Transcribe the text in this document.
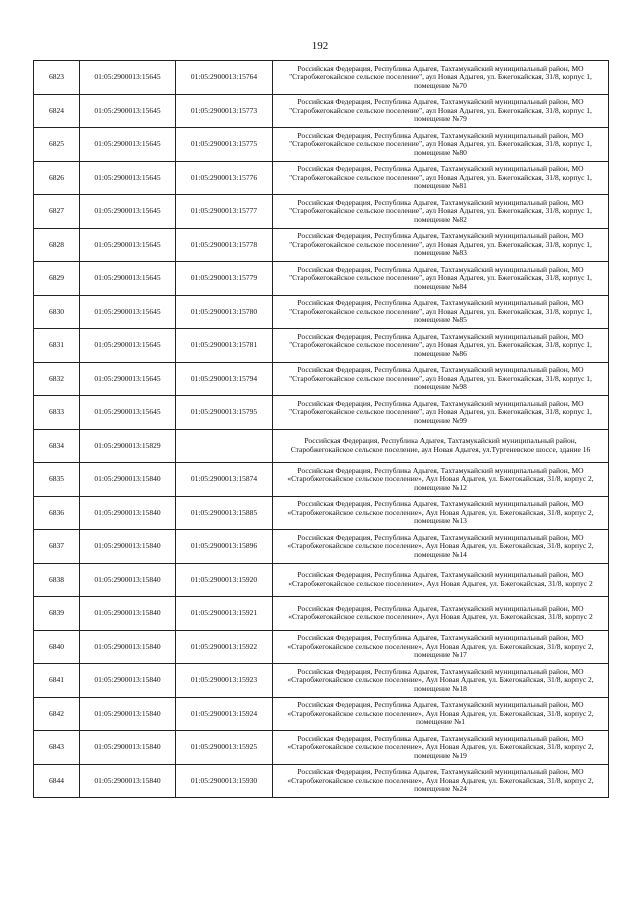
192
6823	01:05:2900013:15645	01:05:2900013:15764	Российская Федерация, Республика Адыгея, Тахтамукайский муниципальный район, МО "Старобжегокайское сельское поселение", аул Новая Адыгея, ул. Бжегокайская, 31/8, корпус 1, помещение №70
6824	01:05:2900013:15645	01:05:2900013:15773	Российская Федерация, Республика Адыгея, Тахтамукайский муниципальный район, МО "Старобжегокайское сельское поселение", аул Новая Адыгея, ул. Бжегокайская, 31/8, корпус 1, помещение №79
6825	01:05:2900013:15645	01:05:2900013:15775	Российская Федерация, Республика Адыгея, Тахтамукайский муниципальный район, МО "Старобжегокайское сельское поселение", аул Новая Адыгея, ул. Бжегокайская, 31/8, корпус 1, помещение №80
6826	01:05:2900013:15645	01:05:2900013:15776	Российская Федерация, Республика Адыгея, Тахтамукайский муниципальный район, МО "Старобжегокайское сельское поселение", аул Новая Адыгея, ул. Бжегокайская, 31/8, корпус 1, помещение №81
6827	01:05:2900013:15645	01:05:2900013:15777	Российская Федерация, Республика Адыгея, Тахтамукайский муниципальный район, МО "Старобжегокайское сельское поселение", аул Новая Адыгея, ул. Бжегокайская, 31/8, корпус 1, помещение №82
6828	01:05:2900013:15645	01:05:2900013:15778	Российская Федерация, Республика Адыгея, Тахтамукайский муниципальный район, МО "Старобжегокайское сельское поселение", аул Новая Адыгея, ул. Бжегокайская, 31/8, корпус 1, помещение №83
6829	01:05:2900013:15645	01:05:2900013:15779	Российская Федерация, Республика Адыгея, Тахтамукайский муниципальный район, МО "Старобжегокайское сельское поселение", аул Новая Адыгея, ул. Бжегокайская, 31/8, корпус 1, помещение №84
6830	01:05:2900013:15645	01:05:2900013:15780	Российская Федерация, Республика Адыгея, Тахтамукайский муниципальный район, МО "Старобжегокайское сельское поселение", аул Новая Адыгея, ул. Бжегокайская, 31/8, корпус 1, помещение №85
6831	01:05:2900013:15645	01:05:2900013:15781	Российская Федерация, Республика Адыгея, Тахтамукайский муниципальный район, МО "Старобжегокайское сельское поселение", аул Новая Адыгея, ул. Бжегокайская, 31/8, корпус 1, помещение №86
6832	01:05:2900013:15645	01:05:2900013:15794	Российская Федерация, Республика Адыгея, Тахтамукайский муниципальный район, МО "Старобжегокайское сельское поселение", аул Новая Адыгея, ул. Бжегокайская, 31/8, корпус 1, помещение №98
6833	01:05:2900013:15645	01:05:2900013:15795	Российская Федерация, Республика Адыгея, Тахтамукайский муниципальный район, МО "Старобжегокайское сельское поселение", аул Новая Адыгея, ул. Бжегокайская, 31/8, корпус 1, помещение №99
6834	01:05:2900013:15829		Российская Федерация, Республика Адыгея, Тахтамукайский муниципальный район, Старобжегокайское сельское поселение, аул Новая Адыгея, ул.Тургеневское шоссе, здание 16
6835	01:05:2900013:15840	01:05:2900013:15874	Российская Федерация, Республика Адыгея, Тахтамукайский муниципальный район, МО «Старобжегокайское сельское поселение», Аул Новая Адыгея, ул. Бжегокайская, 31/8, корпус 2, помещение №12
6836	01:05:2900013:15840	01:05:2900013:15885	Российская Федерация, Республика Адыгея, Тахтамукайский муниципальный район, МО «Старобжегокайское сельское поселение», Аул Новая Адыгея, ул. Бжегокайская, 31/8, корпус 2, помещение №13
6837	01:05:2900013:15840	01:05:2900013:15896	Российская Федерация, Республика Адыгея, Тахтамукайский муниципальный район, МО «Старобжегокайское сельское поселение», Аул Новая Адыгея, ул. Бжегокайская, 31/8, корпус 2, помещение №14
6838	01:05:2900013:15840	01:05:2900013:15920	Российская Федерация, Республика Адыгея, Тахтамукайский муниципальный район, МО «Старобжегокайское сельское поселение», Аул Новая Адыгея, ул. Бжегокайская, 31/8, корпус 2
6839	01:05:2900013:15840	01:05:2900013:15921	Российская Федерация, Республика Адыгея, Тахтамукайский муниципальный район, МО «Старобжегокайское сельское поселение», Аул Новая Адыгея, ул. Бжегокайская, 31/8, корпус 2
6840	01:05:2900013:15840	01:05:2900013:15922	Российская Федерация, Республика Адыгея, Тахтамукайский муниципальный район, МО «Старобжегокайское сельское поселение», Аул Новая Адыгея, ул. Бжегокайская, 31/8, корпус 2, помещение №17
6841	01:05:2900013:15840	01:05:2900013:15923	Российская Федерация, Республика Адыгея, Тахтамукайский муниципальный район, МО «Старобжегокайское сельское поселение», Аул Новая Адыгея, ул. Бжегокайская, 31/8, корпус 2, помещение №18
6842	01:05:2900013:15840	01:05:2900013:15924	Российская Федерация, Республика Адыгея, Тахтамукайский муниципальный район, МО «Старобжегокайское сельское поселение», Аул Новая Адыгея, ул. Бжегокайская, 31/8, корпус 2, помещение №1
6843	01:05:2900013:15840	01:05:2900013:15925	Российская Федерация, Республика Адыгея, Тахтамукайский муниципальный район, МО «Старобжегокайское сельское поселение», Аул Новая Адыгея, ул. Бжегокайская, 31/8, корпус 2, помещение №19
6844	01:05:2900013:15840	01:05:2900013:15930	Российская Федерация, Республика Адыгея, Тахтамукайский муниципальный район, МО «Старобжегокайское сельское поселение», Аул Новая Адыгея, ул. Бжегокайская, 31/8, корпус 2, помещение №24
